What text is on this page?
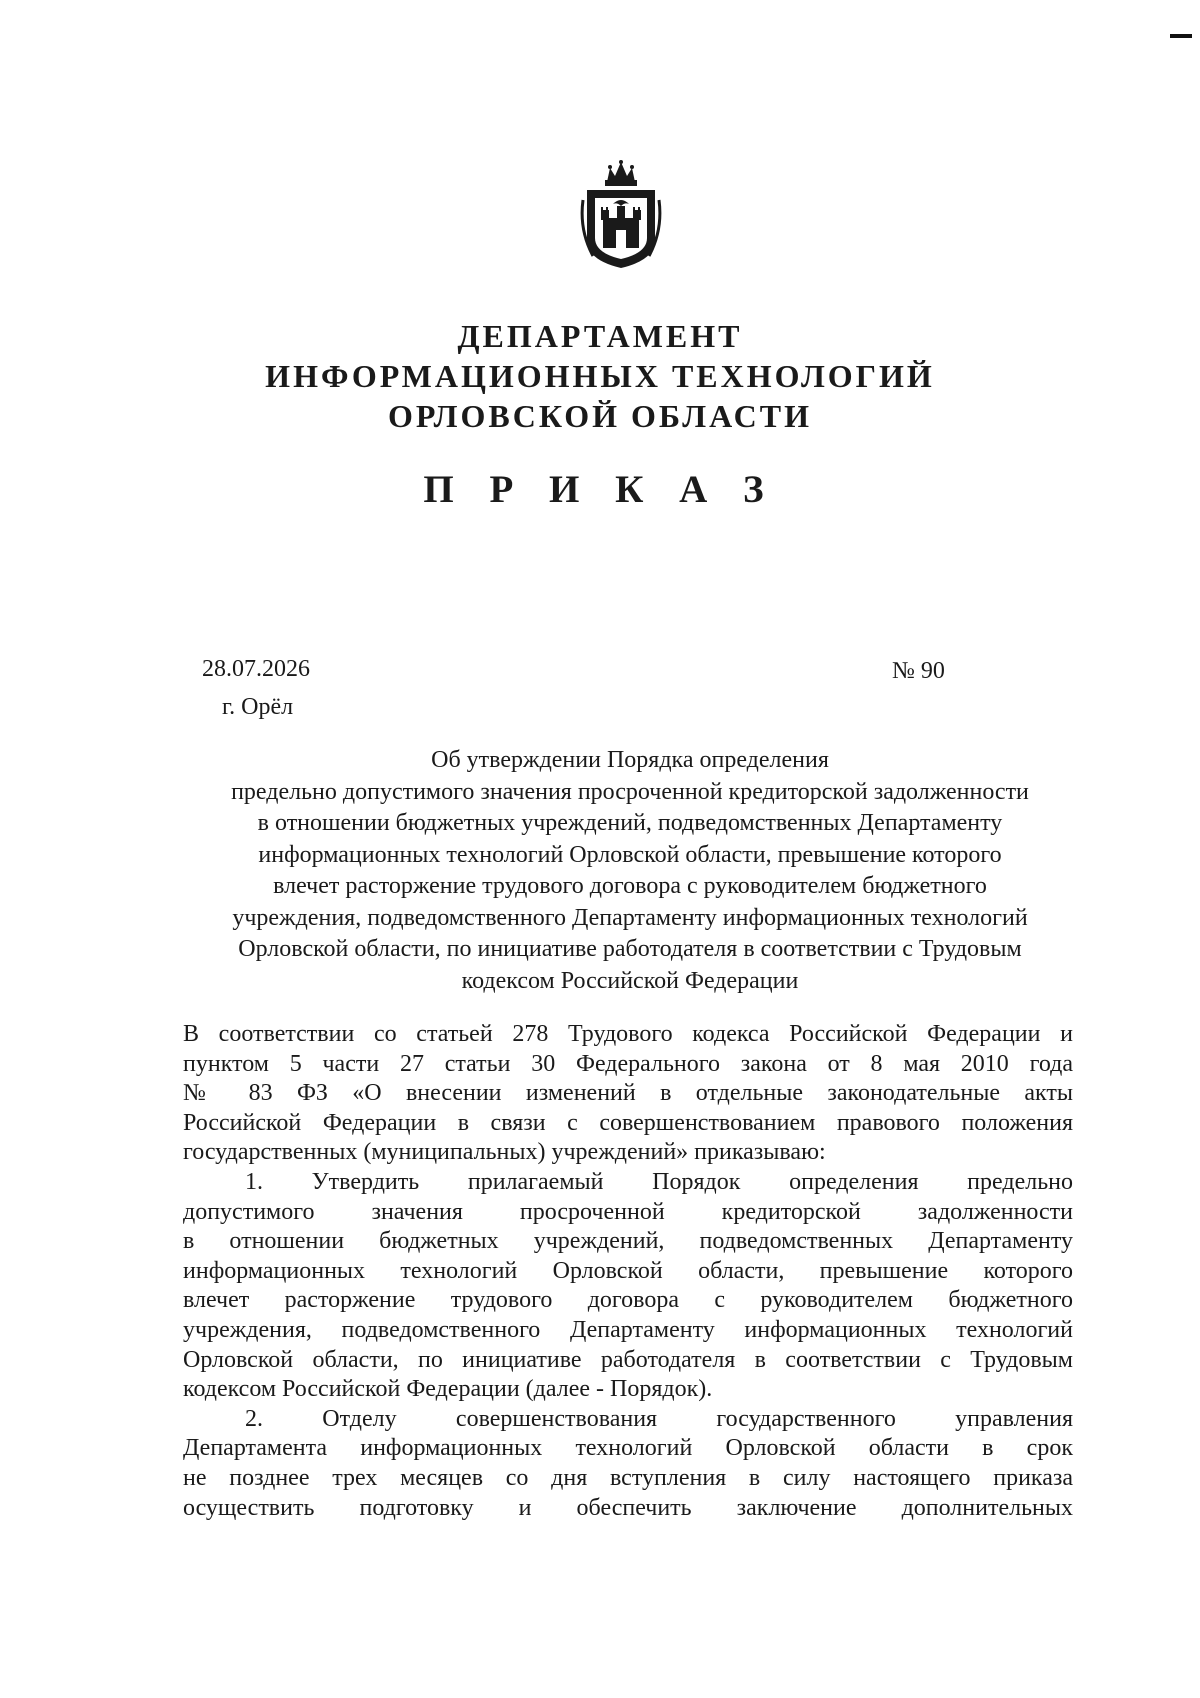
ДЕПАРТАМЕНТ
ИНФОРМАЦИОННЫХ ТЕХНОЛОГИЙ
ОРЛОВСКОЙ ОБЛАСТИ
П Р И К А З
28.07.2026	№ 90
г. Орёл
Об утверждении Порядка определения
предельно допустимого значения просроченной кредиторской задолженности
в отношении бюджетных учреждений, подведомственных Департаменту
информационных технологий Орловской области, превышение которого
влечет расторжение трудового договора с руководителем бюджетного
учреждения, подведомственного Департаменту информационных технологий
Орловской области, по инициативе работодателя в соответствии с Трудовым
кодексом Российской Федерации
В соответствии со статьей 278 Трудового кодекса Российской Федерации и
пунктом 5 части 27 статьи 30 Федерального закона от 8 мая 2010 года
№ 83 ФЗ «О внесении изменений в отдельные законодательные акты
Российской Федерации в связи с совершенствованием правового положения
государственных (муниципальных) учреждений» приказываю:
1. Утвердить прилагаемый Порядок определения предельно
допустимого значения просроченной кредиторской задолженности
в отношении бюджетных учреждений, подведомственных Департаменту
информационных технологий Орловской области, превышение которого
влечет расторжение трудового договора с руководителем бюджетного
учреждения, подведомственного Департаменту информационных технологий
Орловской области, по инициативе работодателя в соответствии с Трудовым
кодексом Российской Федерации (далее - Порядок).
2. Отделу совершенствования государственного управления
Департамента информационных технологий Орловской области в срок
не позднее трех месяцев со дня вступления в силу настоящего приказа
осуществить подготовку и обеспечить заключение дополнительных
